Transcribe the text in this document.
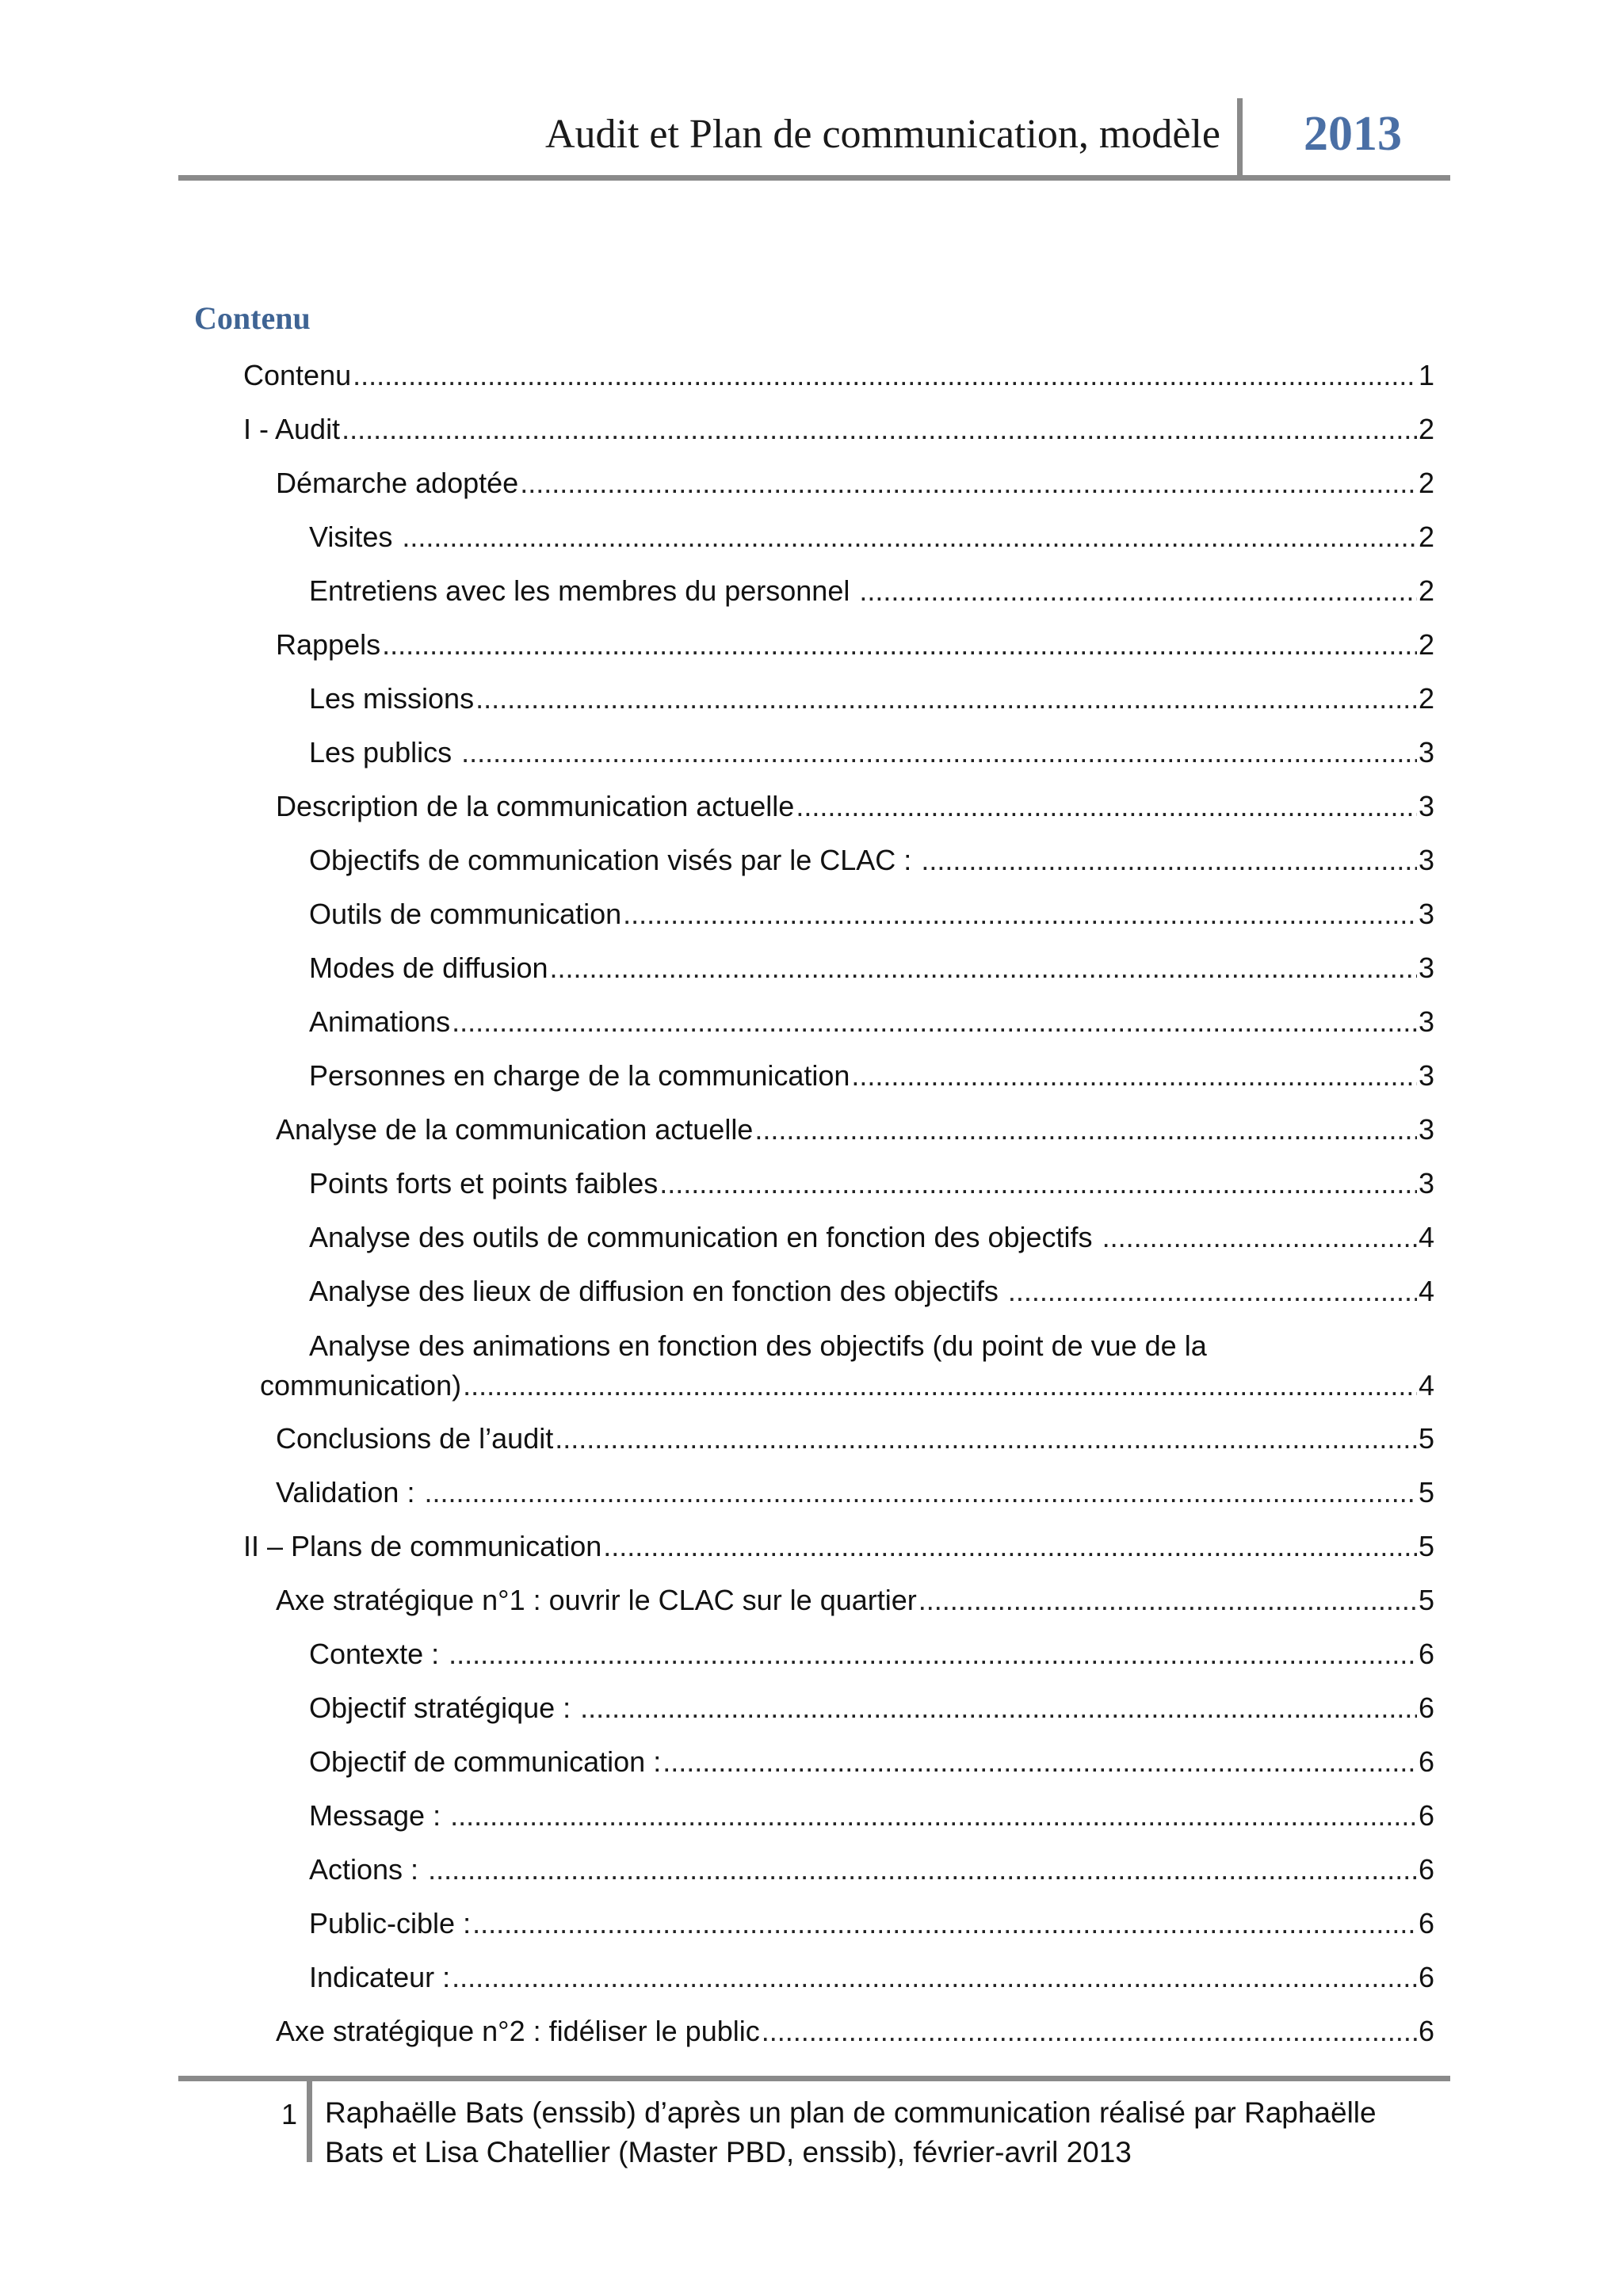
Audit et Plan de communication, modèle 2013
Contenu
Contenu .....	1
I - Audit .....	2
Démarche adoptée .....	2
Visites .....	2
Entretiens avec les membres du personnel .....	2
Rappels .....	2
Les missions .....	2
Les publics .....	3
Description de la communication actuelle .....	3
Objectifs de communication visés par le CLAC : .....	3
Outils de communication .....	3
Modes de diffusion .....	3
Animations .....	3
Personnes en charge de la communication .....	3
Analyse de la communication actuelle .....	3
Points forts et points faibles .....	3
Analyse des outils de communication en fonction des objectifs .....	4
Analyse des lieux de diffusion en fonction des objectifs .....	4
Analyse des animations en fonction des objectifs (du point de vue de la
communication) .....	4
Conclusions de l’audit .....	5
Validation : .....	5
II – Plans de communication .....	5
Axe stratégique n°1 : ouvrir le CLAC sur le quartier .....	5
Contexte : .....	6
Objectif stratégique : .....	6
Objectif de communication : .....	6
Message : .....	6
Actions : .....	6
Public-cible : .....	6
Indicateur : .....	6
Axe stratégique n°2 : fidéliser le public .....	6
1 Raphaëlle Bats (enssib) d’après un plan de communication réalisé par Raphaëlle Bats et Lisa Chatellier (Master PBD, enssib), février-avril 2013
